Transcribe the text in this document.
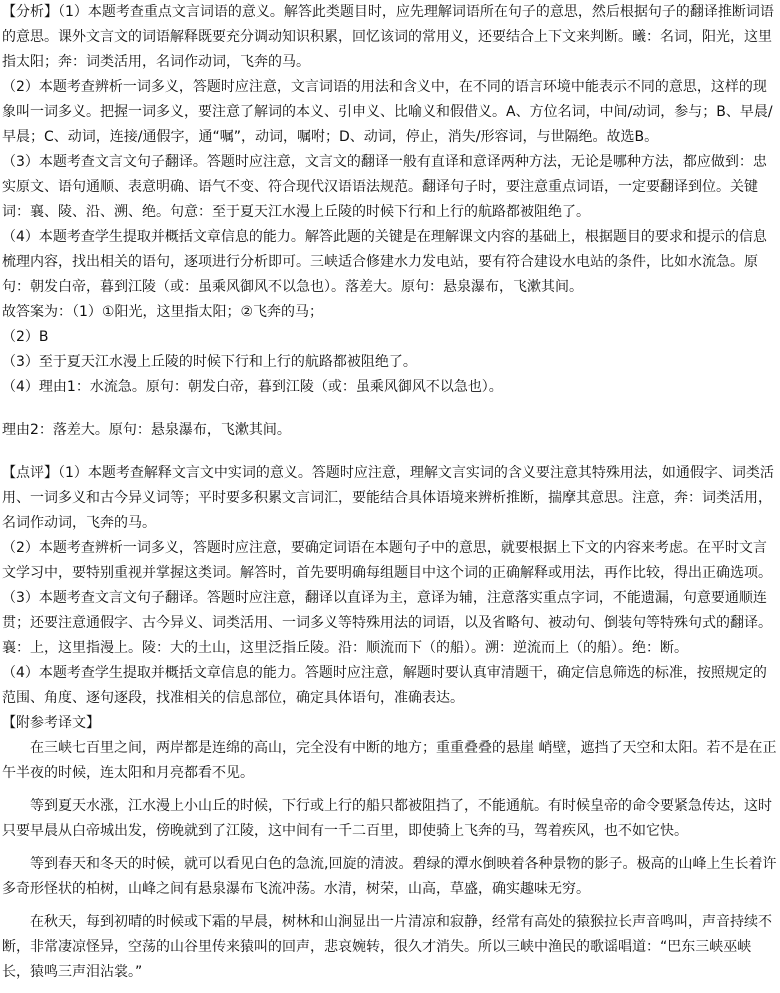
【分析】（1）本题考查重点文言词语的意义。解答此类题目时，应先理解词语所在句子的意思，然后根据句子的翻译推断词语的意思。课外文言文的词语解释既要充分调动知识积累，回忆该词的常用义，还要结合上下文来判断。曦：名词，阳光，这里指太阳；奔：词类活用，名词作动词，飞奔的马。

（2）本题考查辨析一词多义，答题时应注意，文言词语的用法和含义中，在不同的语言环境中能表示不同的意思，这样的现象叫一词多义。把握一词多义，要注意了解词的本义、引申义、比喻义和假借义。A、方位名词，中间/动词，参与；B、早晨/早晨；C、动词，连接/通假字，通“嘱”，动词，嘱咐；D、动词，停止，消失/形容词，与世隔绝。故选B。

（3）本题考查文言文句子翻译。答题时应注意，文言文的翻译一般有直译和意译两种方法，无论是哪种方法，都应做到：忠实原文、语句通顺、表意明确、语气不变、符合现代汉语语法规范。翻译句子时，要注意重点词语，一定要翻译到位。关键词：襄、陵、沿、溯、绝。句意：至于夏天江水漫上丘陵的时候下行和上行的航路都被阻绝了。

（4）本题考查学生提取并概括文章信息的能力。解答此题的关键是在理解课文内容的基础上，根据题目的要求和提示的信息梳理内容，找出相关的语句，逐项进行分析即可。三峡适合修建水力发电站，要有符合建设水电站的条件，比如水流急。原句：朝发白帝，暮到江陵（或：虽乘风御风不以急也）。落差大。原句：悬泉瀑布，飞漱其间。

故答案为：（1）①阳光，这里指太阳；②飞奔的马；

（2）B

（3）至于夏天江水漫上丘陵的时候下行和上行的航路都被阻绝了。

（4）理由1：水流急。原句：朝发白帝，暮到江陵（或：虽乘风御风不以急也）。

理由2：落差大。原句：悬泉瀑布，飞漱其间。

【点评】（1）本题考查解释文言文中实词的意义。答题时应注意，理解文言实词的含义要注意其特殊用法，如通假字、词类活用、一词多义和古今异义词等；平时要多积累文言词汇，要能结合具体语境来辨析推断，揣摩其意思。注意，奔：词类活用，名词作动词，飞奔的马。

（2）本题考查辨析一词多义，答题时应注意，要确定词语在本题句子中的意思，就要根据上下文的内容来考虑。在平时文言文学习中，要特别重视并掌握这类词。解答时，首先要明确每组题目中这个词的正确解释或用法，再作比较，得出正确选项。

（3）本题考查文言文句子翻译。答题时应注意，翻译以直译为主，意译为辅，注意落实重点字词，不能遗漏，句意要通顺连贯；还要注意通假字、古今异义、词类活用、一词多义等特殊用法的词语，以及省略句、被动句、倒装句等特殊句式的翻译。襄：上，这里指漫上。陵：大的土山，这里泛指丘陵。沿：顺流而下（的船）。溯：逆流而上（的船）。绝：断。

（4）本题考查学生提取并概括文章信息的能力。答题时应注意，解题时要认真审清题干，确定信息筛选的标准，按照规定的范围、角度、逐句逐段，找准相关的信息部位，确定具体语句，准确表达。

【附参考译文】

在三峡七百里之间，两岸都是连绵的高山，完全没有中断的地方；重重叠叠的悬崖 峭壁，遮挡了天空和太阳。若不是在正午半夜的时候，连太阳和月亮都看不见。

等到夏天水涨，江水漫上小山丘的时候，下行或上行的船只都被阻挡了，不能通航。有时候皇帝的命令要紧急传达，这时只要早晨从白帝城出发，傍晚就到了江陵，这中间有一千二百里，即使骑上飞奔的马，驾着疾风，也不如它快。

等到春天和冬天的时候，就可以看见白色的急流,回旋的清波。碧绿的潭水倒映着各种景物的影子。极高的山峰上生长着许多奇形怪状的柏树，山峰之间有悬泉瀑布飞流冲荡。水清，树荣，山高，草盛，确实趣味无穷。

在秋天，每到初晴的时候或下霜的早晨，树林和山涧显出一片清凉和寂静，经常有高处的猿猴拉长声音鸣叫，声音持续不断，非常凄凉怪异，空荡的山谷里传来猿叫的回声，悲哀婉转，很久才消失。所以三峡中渔民的歌谣唱道：“巴东三峡巫峡长，猿鸣三声泪沾裳。”
